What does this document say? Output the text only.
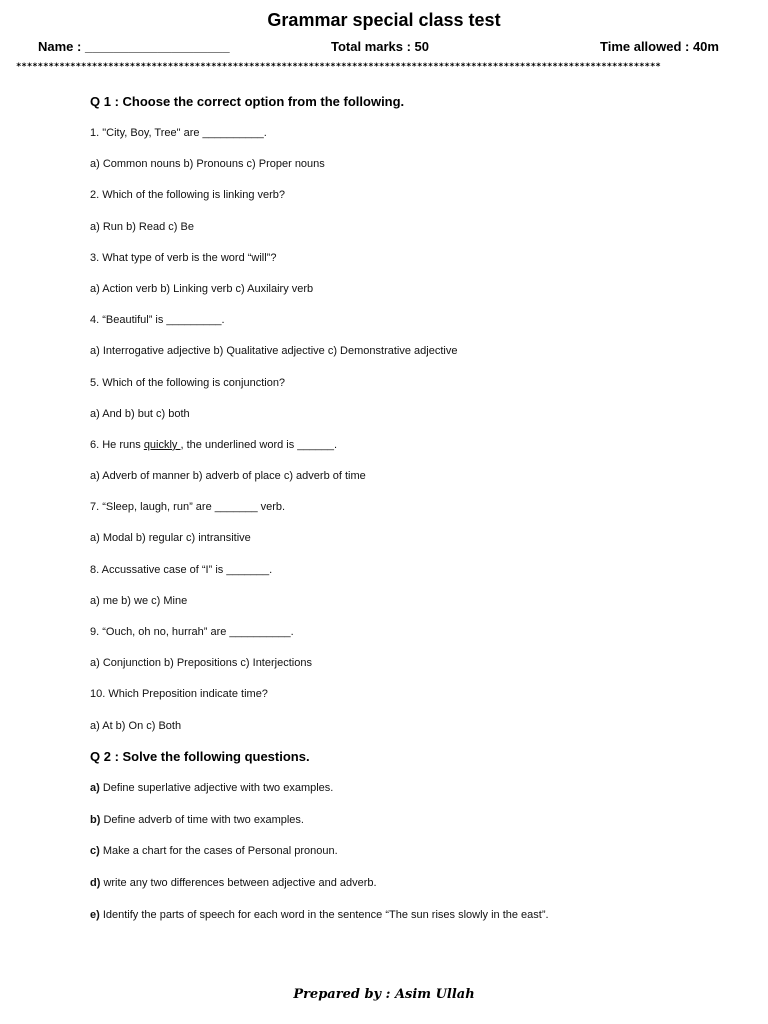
Grammar special class test
Name : ____________________	Total marks : 50	Time allowed : 40m
***********************************************************************************************************************
Q 1 : Choose the correct option from the following.
1. "City, Boy, Tree" are __________.
a) Common nouns b) Pronouns c) Proper nouns
2. Which of the following is linking verb?
a) Run b) Read c) Be
3. What type of verb is the word “will”?
a) Action verb b) Linking verb c) Auxilairy verb
4. “Beautiful” is _________.
a) Interrogative adjective b) Qualitative adjective c) Demonstrative adjective
5. Which of the following is conjunction?
a) And b) but c) both
6. He runs quickly , the underlined word is ______.
a) Adverb of manner b) adverb of place c) adverb of time
7. “Sleep, laugh, run” are _______ verb.
a) Modal b) regular c) intransitive
8. Accussative case of “I” is _______.
a) me b) we c) Mine
9. “Ouch, oh no, hurrah” are __________.
a) Conjunction b) Prepositions c) Interjections
10. Which Preposition indicate time?
a) At b) On c) Both
Q 2 : Solve the following questions.
a) Define superlative adjective with two examples.
b) Define adverb of time with two examples.
c) Make a chart for the cases of Personal pronoun.
d) write any two differences between adjective and adverb.
e) Identify the parts of speech for each word in the sentence “The sun rises slowly in the east”.
Prepared by : Asim Ullah
